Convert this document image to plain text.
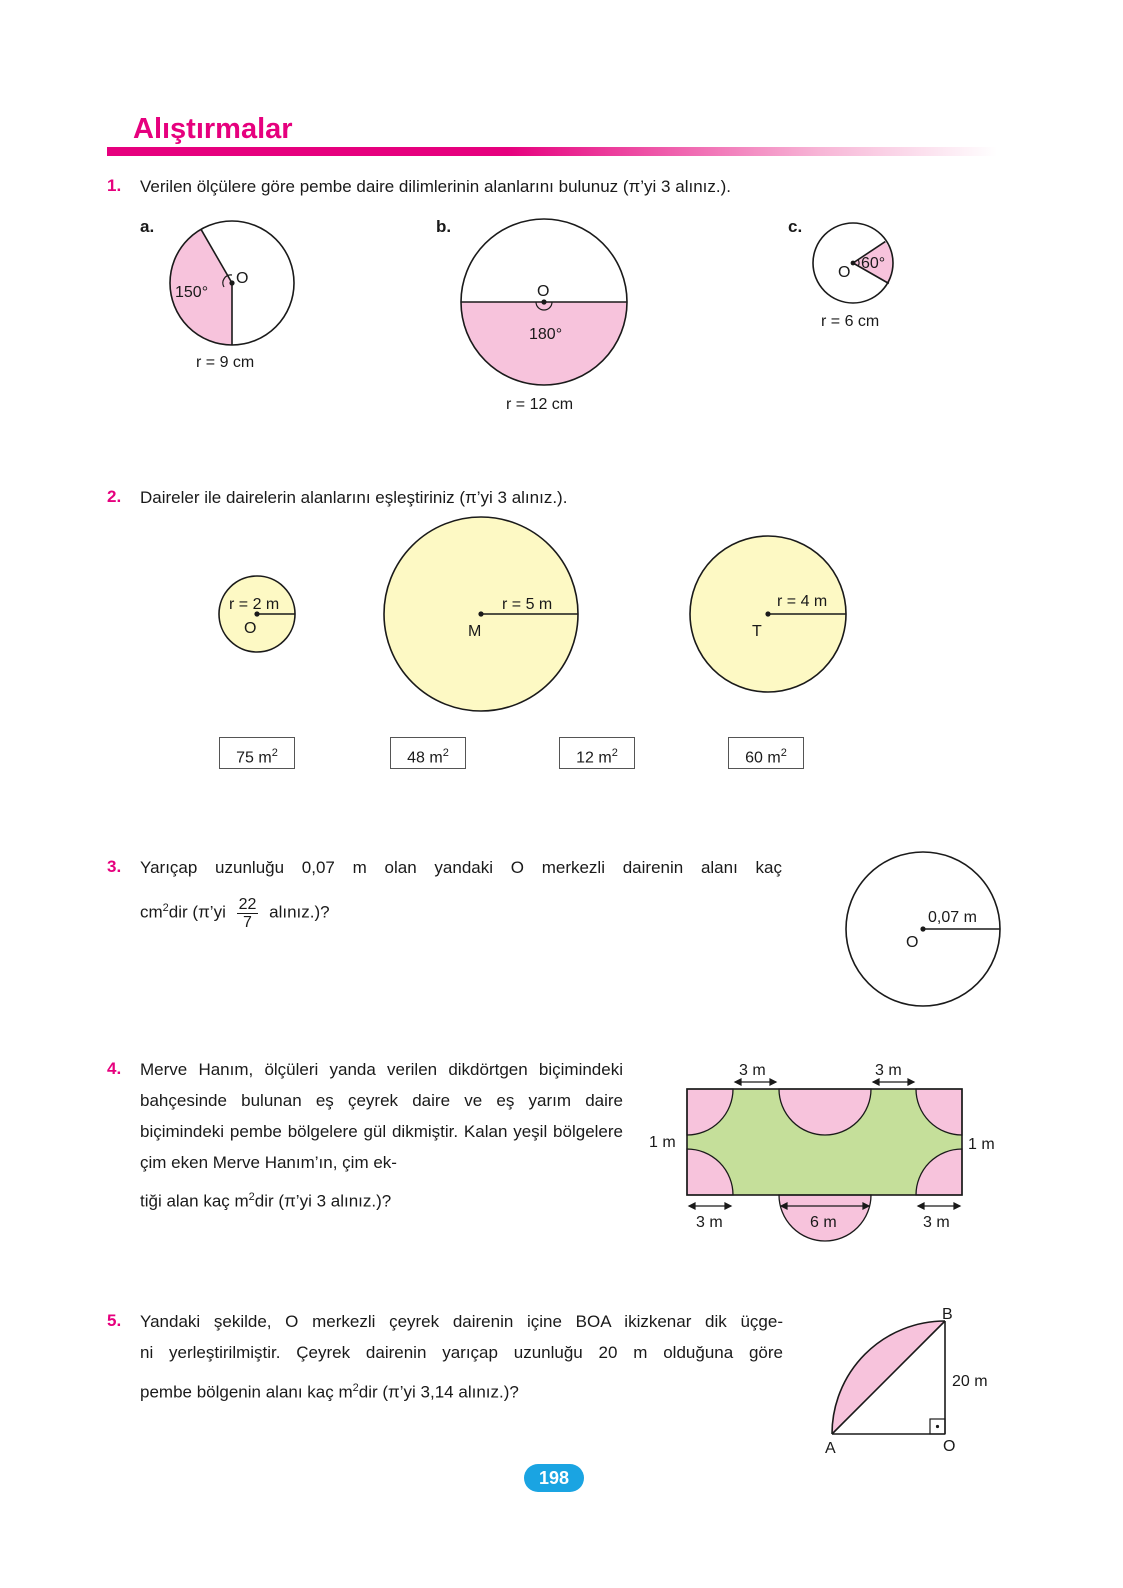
Alıştırmalar
1. Verilen ölçülere göre pembe daire dilimlerinin alanlarını bulunuz (π’yi 3 alınız.).
a.	b.	c.
O
150°
r = 9 cm
O
180°
r = 12 cm
O
60°
r = 6 cm
2. Daireler ile dairelerin alanlarını eşleştiriniz (π’yi 3 alınız.).
r = 2 m
O
r = 5 m
M
r = 4 m
T
75 $m^2$	48 $m^2$	12 $m^2$	60 $m^2$
3. Yarıçap uzunluğu 0,07 m olan yandaki O merkezli dairenin alanı kaç
$cm^2dir$ (π’yi $\frac{22}{7}$ alınız.)?	0,07 m
O
4. Merve Hanım, ölçüleri yanda verilen dikdörtgen biçimindeki bahçesinde bulunan eş çeyrek daire ve eş yarım daire biçimindeki pembe bölgelere gül dikmiştir. Kalan yeşil bölgelere çim eken Merve Hanım’ın, çim ek-
tiği alan kaç $m^2dir$ (π’yi 3 alınız.)?
3 m	3 m
1 m	1 m
3 m	6 m	3 m
5. Yandaki şekilde, O merkezli çeyrek dairenin içine BOA ikizkenar dik üçge-
ni yerleştirilmiştir. Çeyrek dairenin yarıçap uzunluğu 20 m olduğuna göre
pembe bölgenin alanı kaç $m^2dir$ (π’yi 3,14 alınız.)?
A
B
O
20 m
198
